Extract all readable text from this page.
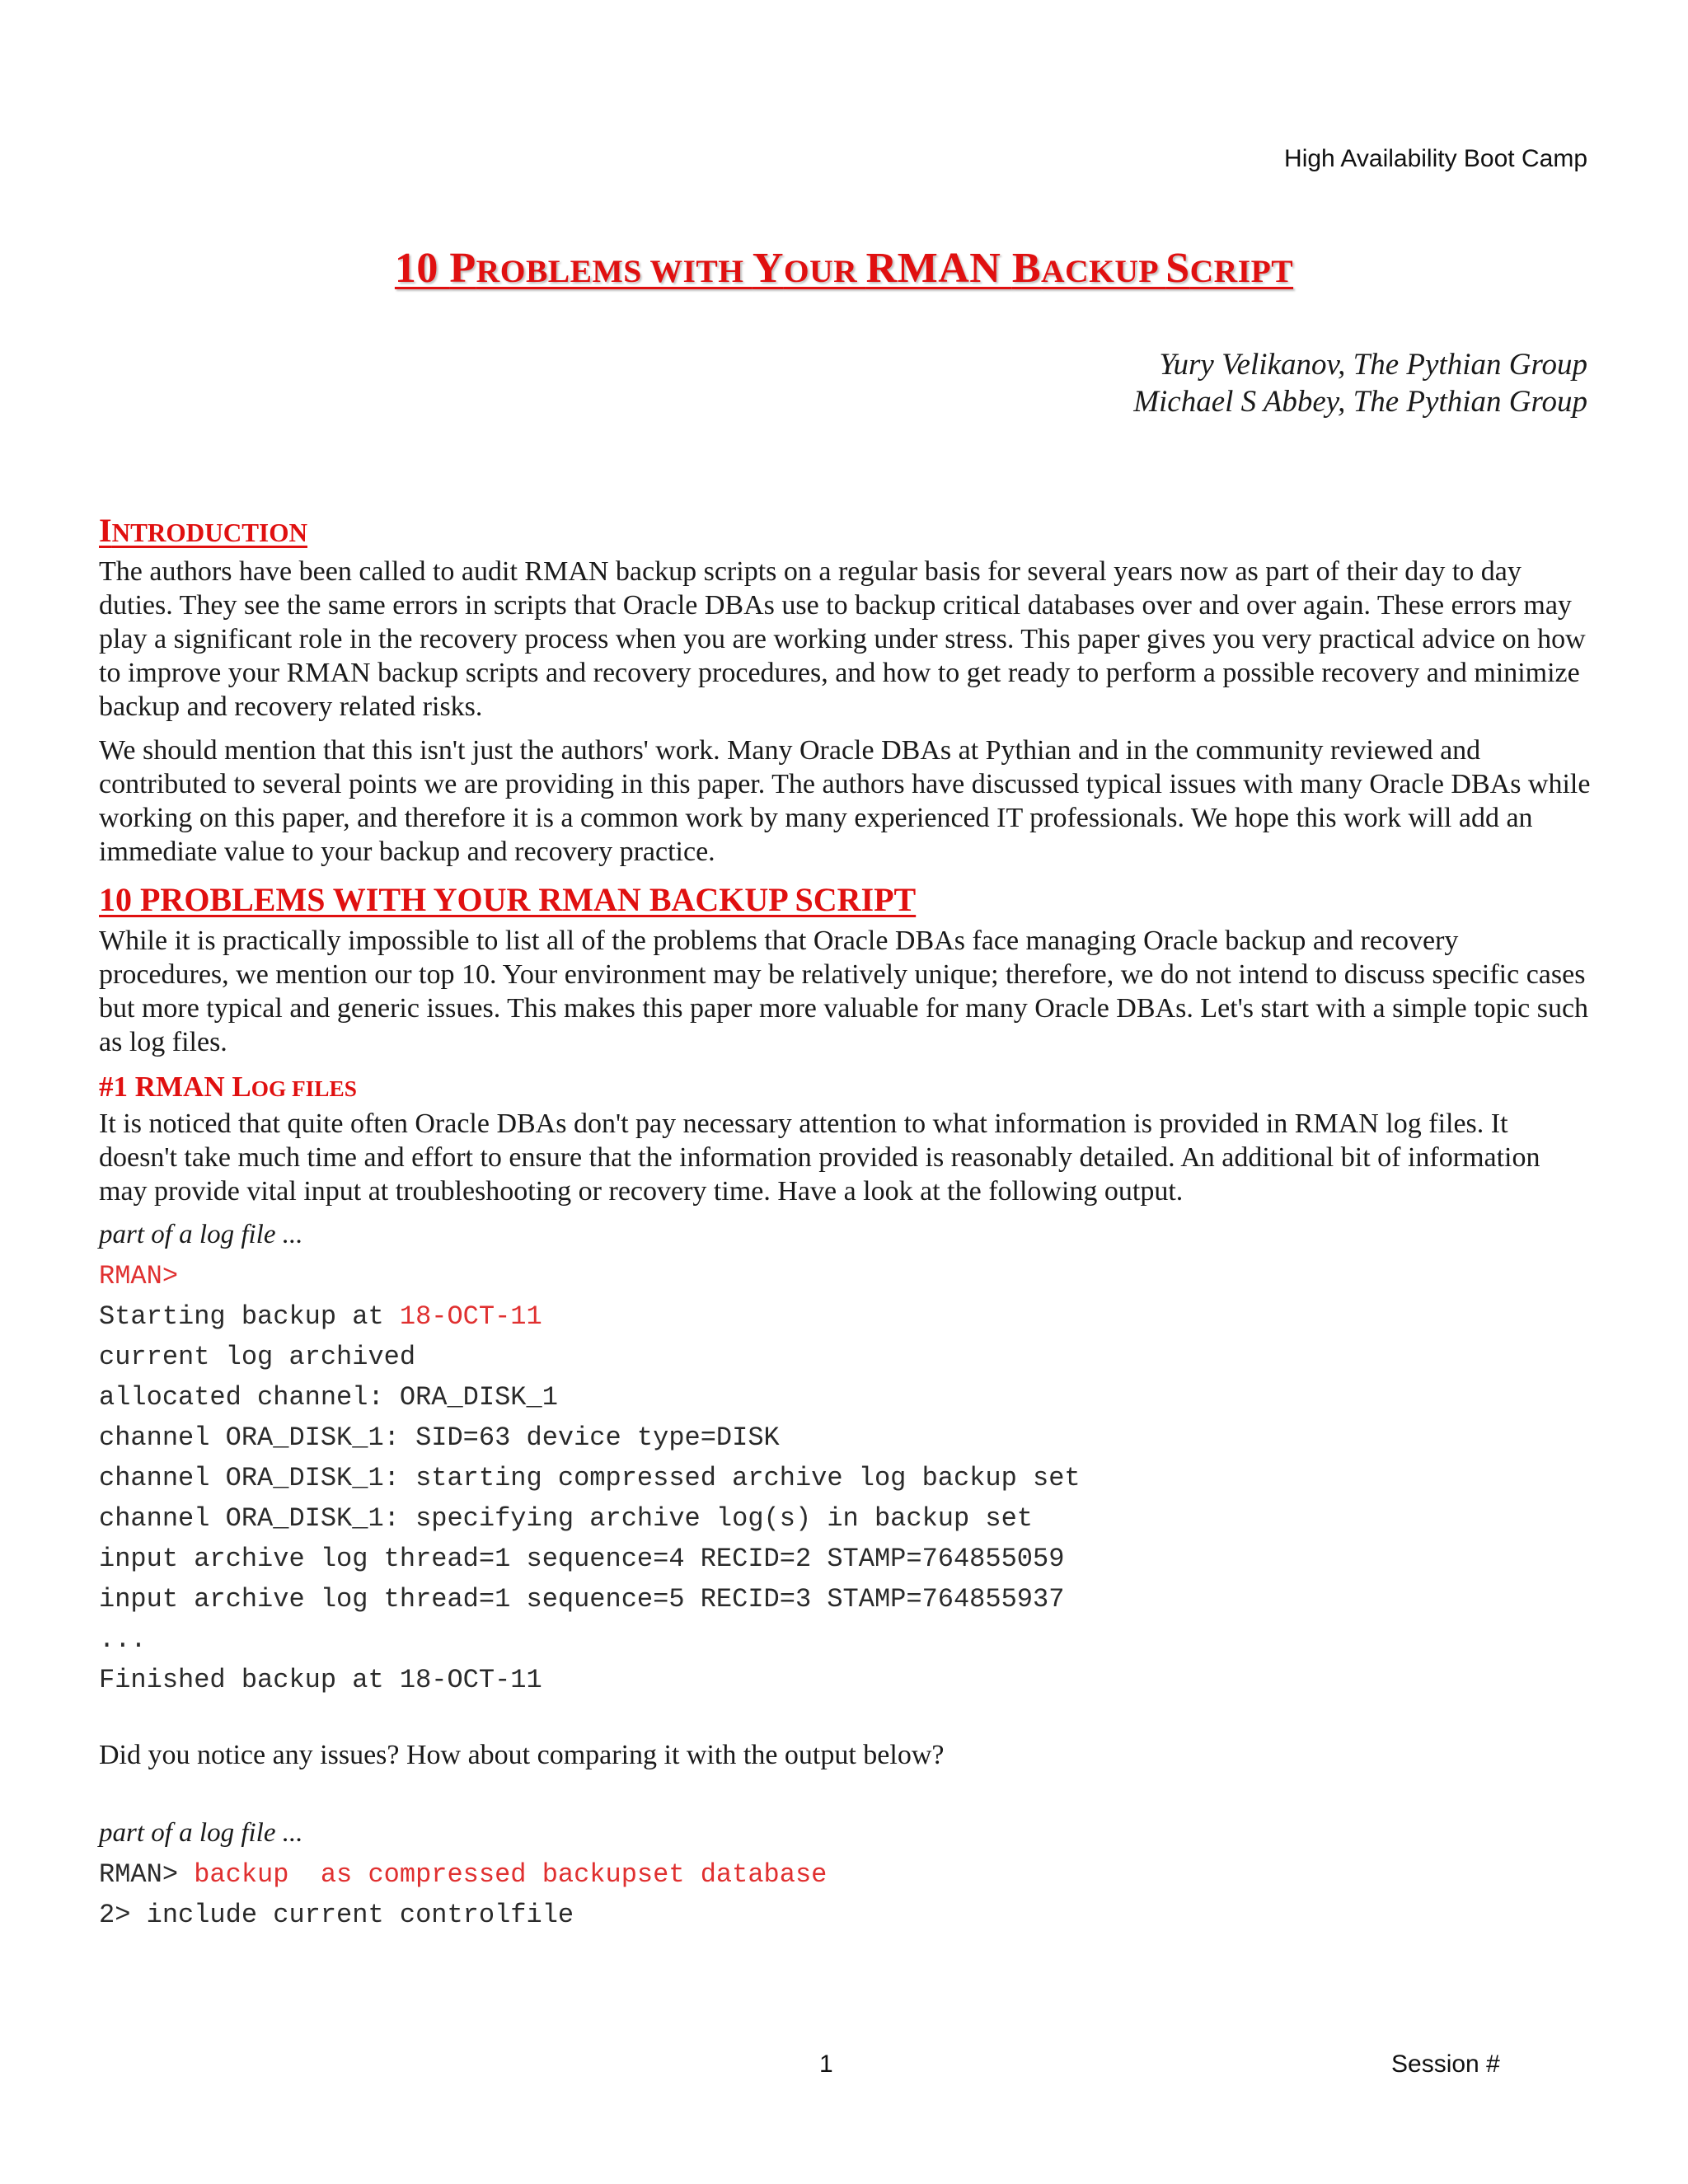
High Availability Boot Camp
10 PROBLEMS WITH YOUR RMAN BACKUP SCRIPT
Yury Velikanov, The Pythian Group
Michael S Abbey, The Pythian Group
INTRODUCTION

The authors have been called to audit RMAN backup scripts on a regular basis for several years now as part of their day to day duties. They see the same errors in scripts that Oracle DBAs use to backup critical databases over and over again. These errors may play a significant role in the recovery process when you are working under stress. This paper gives you very practical advice on how to improve your RMAN backup scripts and recovery procedures, and how to get ready to perform a possible recovery and minimize backup and recovery related risks.

We should mention that this isn't just the authors' work. Many Oracle DBAs at Pythian and in the community reviewed and contributed to several points we are providing in this paper. The authors have discussed typical issues with many Oracle DBAs while working on this paper, and therefore it is a common work by many experienced IT professionals. We hope this work will add an immediate value to your backup and recovery practice.

10 PROBLEMS WITH YOUR RMAN BACKUP SCRIPT

While it is practically impossible to list all of the problems that Oracle DBAs face managing Oracle backup and recovery procedures, we mention our top 10. Your environment may be relatively unique; therefore, we do not intend to discuss specific cases but more typical and generic issues. This makes this paper more valuable for many Oracle DBAs. Let's start with a simple topic such as log files.

#1 RMAN LOG FILES

It is noticed that quite often Oracle DBAs don't pay necessary attention to what information is provided in RMAN log files. It doesn't take much time and effort to ensure that the information provided is reasonably detailed. An additional bit of information may provide vital input at troubleshooting or recovery time. Have a look at the following output.

part of a log file ...

RMAN>
Starting backup at 18-OCT-11
current log archived
allocated channel: ORA_DISK_1
channel ORA_DISK_1: SID=63 device type=DISK
channel ORA_DISK_1: starting compressed archive log backup set
channel ORA_DISK_1: specifying archive log(s) in backup set
input archive log thread=1 sequence=4 RECID=2 STAMP=764855059
input archive log thread=1 sequence=5 RECID=3 STAMP=764855937
...
Finished backup at 18-OCT-11

Did you notice any issues? How about comparing it with the output below?

part of a log file ...

RMAN> backup  as compressed backupset database
2> include current controlfile
1	Session #
